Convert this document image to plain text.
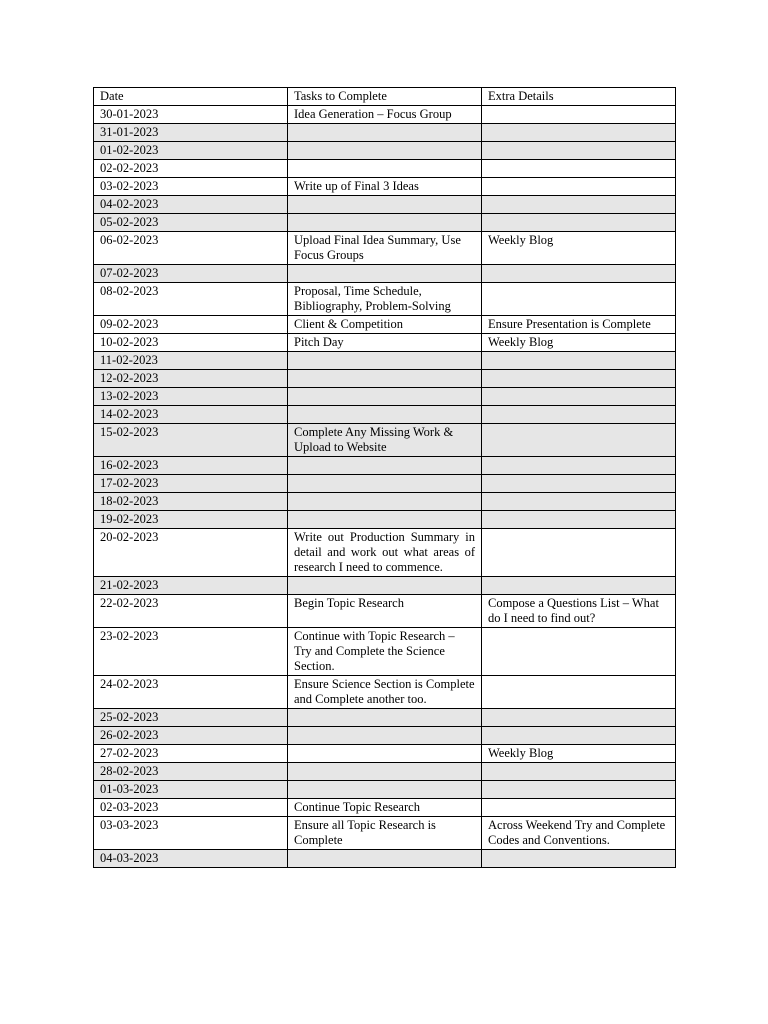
Date	Tasks to Complete	Extra Details
30-01-2023	Idea Generation – Focus Group	
31-01-2023		
01-02-2023		
02-02-2023		
03-02-2023	Write up of Final 3 Ideas	
04-02-2023		
05-02-2023		
06-02-2023	Upload Final Idea Summary, Use Focus Groups	Weekly Blog
07-02-2023		
08-02-2023	Proposal, Time Schedule, Bibliography, Problem-Solving	
09-02-2023	Client & Competition	Ensure Presentation is Complete
10-02-2023	Pitch Day	Weekly Blog
11-02-2023		
12-02-2023		
13-02-2023		
14-02-2023		
15-02-2023	Complete Any Missing Work & Upload to Website	
16-02-2023		
17-02-2023		
18-02-2023		
19-02-2023		
20-02-2023	Write out Production Summary in detail and work out what areas of research I need to commence.	
21-02-2023		
22-02-2023	Begin Topic Research	Compose a Questions List – What do I need to find out?
23-02-2023	Continue with Topic Research – Try and Complete the Science Section.	
24-02-2023	Ensure Science Section is Complete and Complete another too.	
25-02-2023		
26-02-2023		
27-02-2023		Weekly Blog
28-02-2023		
01-03-2023		
02-03-2023	Continue Topic Research	
03-03-2023	Ensure all Topic Research is Complete	Across Weekend Try and Complete Codes and Conventions.
04-03-2023		
